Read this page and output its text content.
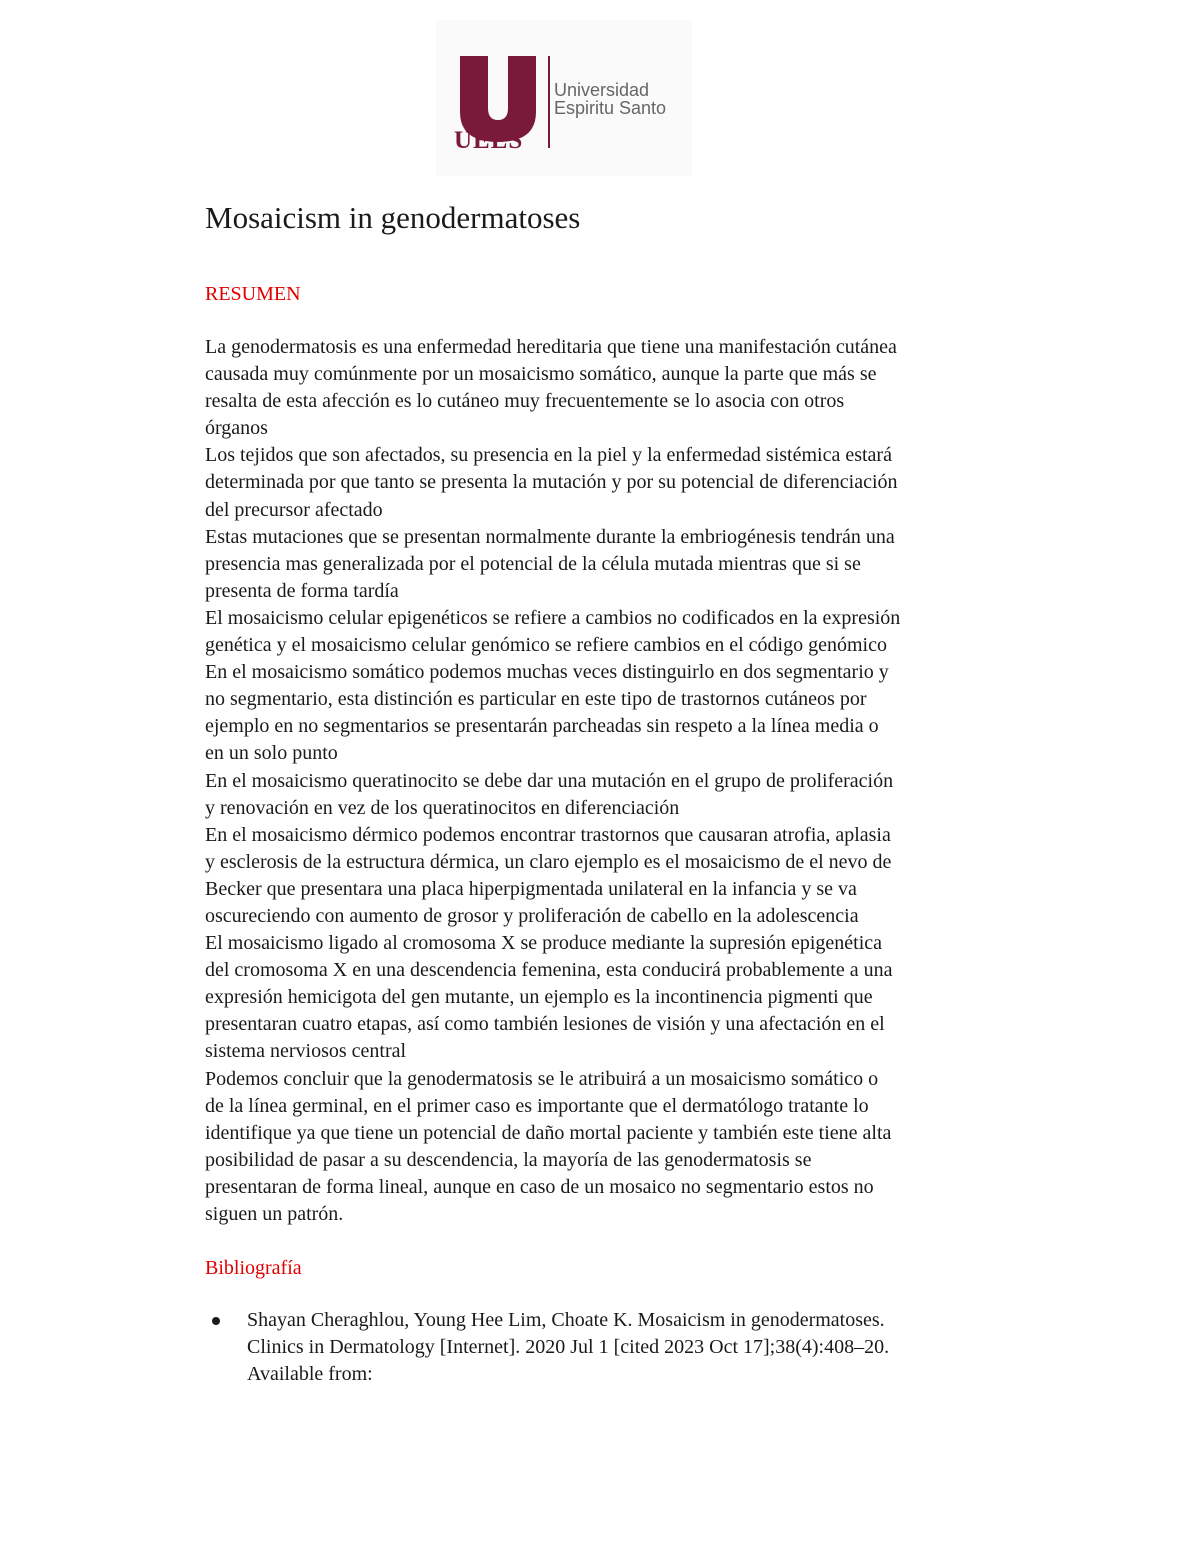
UEES
Universidad
Espiritu Santo
Mosaicism in genodermatoses
RESUMEN

La genodermatosis es una enfermedad hereditaria que tiene una manifestación cutánea

causada muy comúnmente por un mosaicismo somático, aunque la parte que más se

resalta de esta afección es lo cutáneo muy frecuentemente se lo asocia con otros

órganos

Los tejidos que son afectados, su presencia en la piel y la enfermedad sistémica estará

determinada por que tanto se presenta la mutación y por su potencial de diferenciación

del precursor afectado

Estas mutaciones que se presentan normalmente durante la embriogénesis tendrán una

presencia mas generalizada por el potencial de la célula mutada mientras que si se

presenta de forma tardía

El mosaicismo celular epigenéticos se refiere a cambios no codificados en la expresión

genética y el mosaicismo celular genómico se refiere cambios en el código genómico

En el mosaicismo somático podemos muchas veces distinguirlo en dos segmentario y

no segmentario, esta distinción es particular en este tipo de trastornos cutáneos por

ejemplo en no segmentarios se presentarán parcheadas sin respeto a la línea media o

en un solo punto

En el mosaicismo queratinocito se debe dar una mutación en el grupo de proliferación

y renovación en vez de los queratinocitos en diferenciación

En el mosaicismo dérmico podemos encontrar trastornos que causaran atrofia, aplasia

y esclerosis de la estructura dérmica, un claro ejemplo es el mosaicismo de el nevo de

Becker que presentara una placa hiperpigmentada unilateral en la infancia y se va

oscureciendo con aumento de grosor y proliferación de cabello en la adolescencia

El mosaicismo ligado al cromosoma X se produce mediante la supresión epigenética

del cromosoma X en una descendencia femenina, esta conducirá probablemente a una

expresión hemicigota del gen mutante, un ejemplo es la incontinencia pigmenti que

presentaran cuatro etapas, así como también lesiones de visión y una afectación en el

sistema nerviosos central

Podemos concluir que la genodermatosis se le atribuirá a un mosaicismo somático o

de la línea germinal, en el primer caso es importante que el dermatólogo tratante lo

identifique ya que tiene un potencial de daño mortal paciente y también este tiene alta

posibilidad de pasar a su descendencia, la mayoría de las genodermatosis se

presentaran de forma lineal, aunque en caso de un mosaico no segmentario estos no

siguen un patrón.

Bibliografía
Shayan Cheraghlou, Young Hee Lim, Choate K. Mosaicism in genodermatoses.
Clinics in Dermatology [Internet]. 2020 Jul 1 [cited 2023 Oct 17];38(4):408–20.
Available from:
